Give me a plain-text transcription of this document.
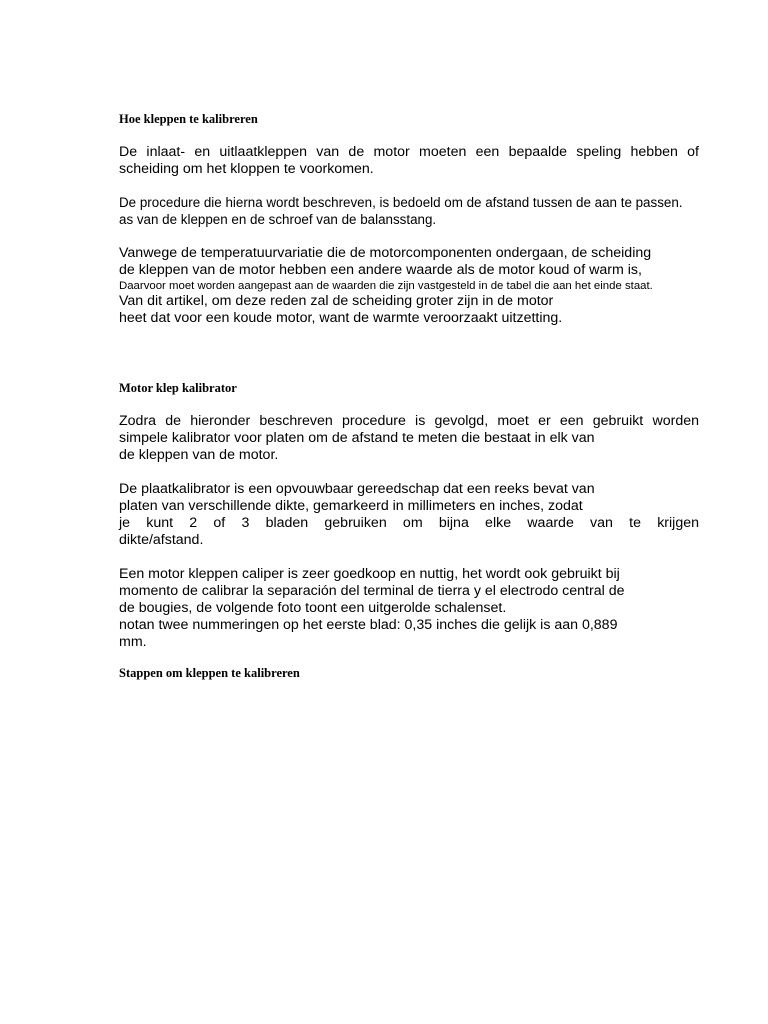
Hoe kleppen te kalibreren
De inlaat- en uitlaatkleppen van de motor moeten een bepaalde speling hebben of
scheiding om het kloppen te voorkomen.
De procedure die hierna wordt beschreven, is bedoeld om de afstand tussen de aan te passen.
as van de kleppen en de schroef van de balansstang.
Vanwege de temperatuurvariatie die de motorcomponenten ondergaan, de scheiding
de kleppen van de motor hebben een andere waarde als de motor koud of warm is,
Daarvoor moet worden aangepast aan de waarden die zijn vastgesteld in de tabel die aan het einde staat.
Van dit artikel, om deze reden zal de scheiding groter zijn in de motor
heet dat voor een koude motor, want de warmte veroorzaakt uitzetting.
Motor klep kalibrator
Zodra de hieronder beschreven procedure is gevolgd, moet er een gebruikt worden
simpele kalibrator voor platen om de afstand te meten die bestaat in elk van
de kleppen van de motor.
De plaatkalibrator is een opvouwbaar gereedschap dat een reeks bevat van
platen van verschillende dikte, gemarkeerd in millimeters en inches, zodat
je kunt 2 of 3 bladen gebruiken om bijna elke waarde van te krijgen
dikte/afstand.
Een motor kleppen caliper is zeer goedkoop en nuttig, het wordt ook gebruikt bij
momento de calibrar la separación del terminal de tierra y el electrodo central de
de bougies, de volgende foto toont een uitgerolde schalenset.
notan twee nummeringen op het eerste blad: 0,35 inches die gelijk is aan 0,889
mm.
Stappen om kleppen te kalibreren
